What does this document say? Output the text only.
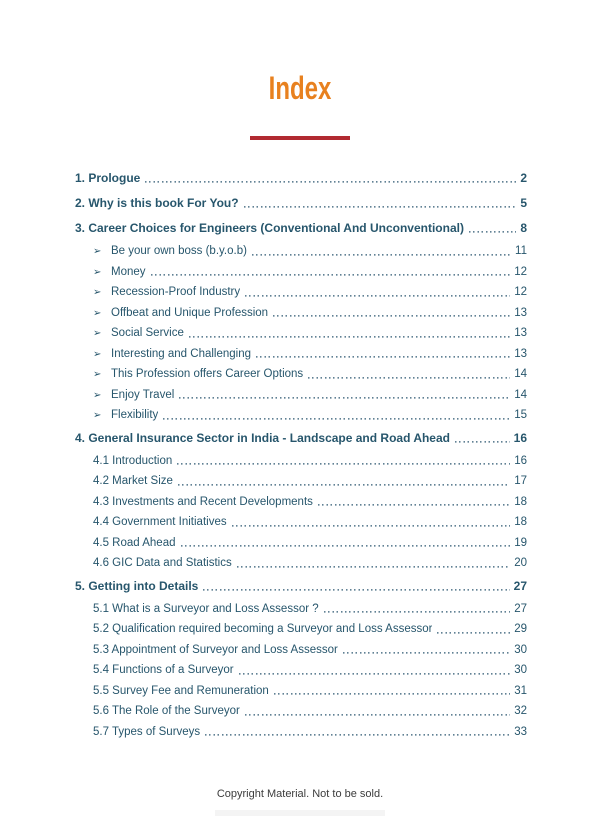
Index
1. Prologue	2
2. Why is this book For You?	5
3. Career Choices for Engineers (Conventional And Unconventional)	8
➢ Be your own boss (b.y.o.b)	11
➢ Money	12
➢ Recession-Proof Industry	12
➢ Offbeat and Unique Profession	13
➢ Social Service	13
➢ Interesting and Challenging	13
➢ This Profession offers Career Options	14
➢ Enjoy Travel	14
➢ Flexibility	15
4. General Insurance Sector in India - Landscape and Road Ahead	16
4.1 Introduction	16
4.2 Market Size	17
4.3 Investments and Recent Developments	18
4.4 Government Initiatives	18
4.5 Road Ahead	19
4.6 GIC Data and Statistics	20
5. Getting into Details	27
5.1 What is a Surveyor and Loss Assessor ?	27
5.2 Qualification required becoming a Surveyor and Loss Assessor	29
5.3 Appointment of Surveyor and Loss Assessor	30
5.4 Functions of a Surveyor	30
5.5 Survey Fee and Remuneration	31
5.6 The Role of the Surveyor	32
5.7 Types of Surveys	33
Copyright Material. Not to be sold.
